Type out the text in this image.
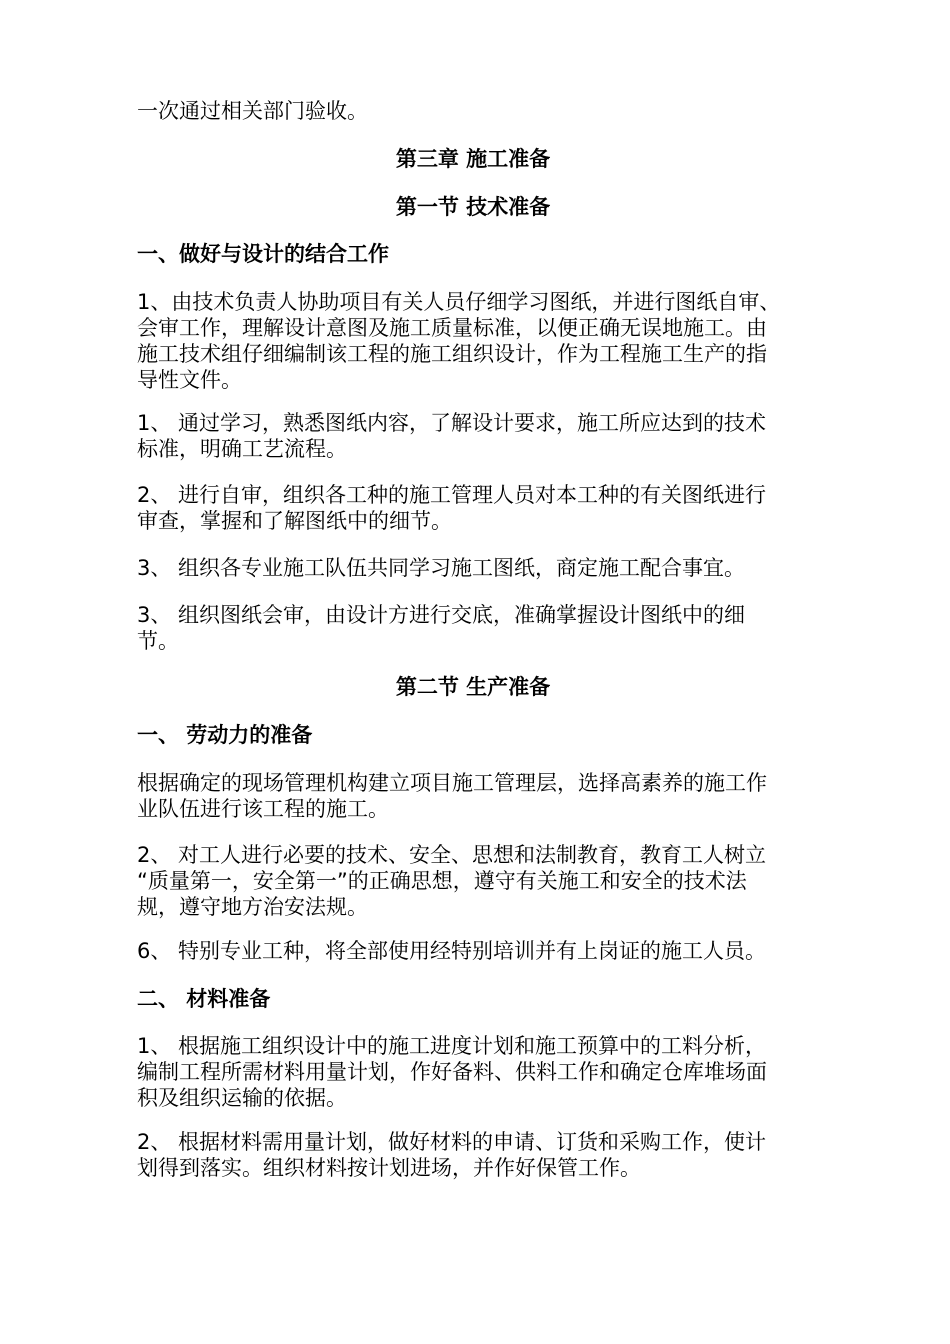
一次通过相关部门验收。
第三章 施工准备
第一节 技术准备
一、做好与设计的结合工作
1、由技术负责人协助项目有关人员仔细学习图纸，并进行图纸自审、
会审工作，理解设计意图及施工质量标准，以便正确无误地施工。由
施工技术组仔细编制该工程的施工组织设计，作为工程施工生产的指
导性文件。
1、 通过学习，熟悉图纸内容，了解设计要求，施工所应达到的技术
标准，明确工艺流程。
2、 进行自审，组织各工种的施工管理人员对本工种的有关图纸进行
审查，掌握和了解图纸中的细节。
3、 组织各专业施工队伍共同学习施工图纸，商定施工配合事宜。
3、 组织图纸会审，由设计方进行交底，准确掌握设计图纸中的细
节。
第二节 生产准备
一、 劳动力的准备
根据确定的现场管理机构建立项目施工管理层，选择高素养的施工作
业队伍进行该工程的施工。
2、 对工人进行必要的技术、安全、思想和法制教育，教育工人树立
“质量第一，安全第一”的正确思想，遵守有关施工和安全的技术法
规，遵守地方治安法规。
6、 特别专业工种，将全部使用经特别培训并有上岗证的施工人员。
二、 材料准备
1、 根据施工组织设计中的施工进度计划和施工预算中的工料分析，
编制工程所需材料用量计划，作好备料、供料工作和确定仓库堆场面
积及组织运输的依据。
2、 根据材料需用量计划，做好材料的申请、订货和采购工作，使计
划得到落实。组织材料按计划进场，并作好保管工作。
